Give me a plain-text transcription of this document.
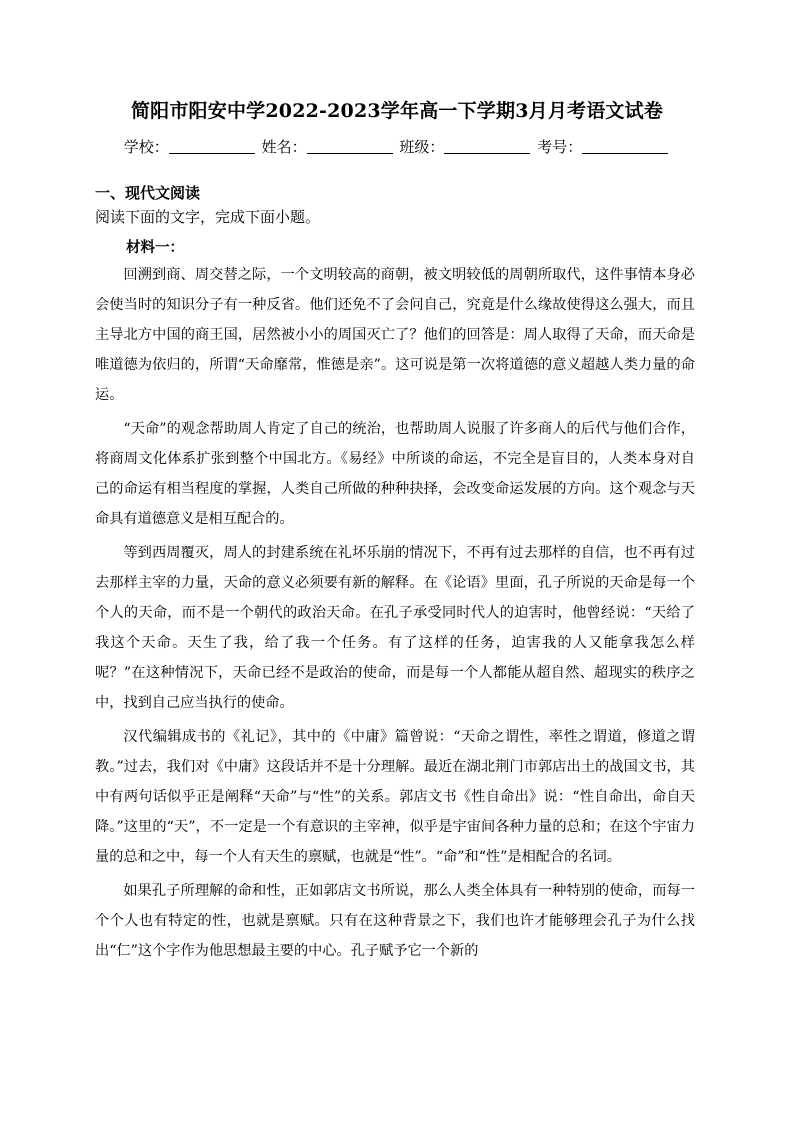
简阳市阳安中学2022-2023学年高一下学期3月月考语文试卷
学校：	姓名：	班级：	考号：
一、现代文阅读

阅读下面的文字，完成下面小题。

材料一：

回溯到商、周交替之际，一个文明较高的商朝，被文明较低的周朝所取代，这件事情本身必会使当时的知识分子有一种反省。他们还免不了会问自己，究竟是什么缘故使得这么强大，而且主导北方中国的商王国，居然被小小的周国灭亡了？他们的回答是：周人取得了天命，而天命是唯道德为依归的，所谓“天命靡常，惟德是亲”。这可说是第一次将道德的意义超越人类力量的命运。

“天命”的观念帮助周人肯定了自己的统治，也帮助周人说服了许多商人的后代与他们合作，将商周文化体系扩张到整个中国北方。《易经》中所谈的命运，不完全是盲目的，人类本身对自己的命运有相当程度的掌握，人类自己所做的种种抉择，会改变命运发展的方向。这个观念与天命具有道德意义是相互配合的。

等到西周覆灭，周人的封建系统在礼坏乐崩的情况下，不再有过去那样的自信，也不再有过去那样主宰的力量，天命的意义必须要有新的解释。在《论语》里面，孔子所说的天命是每一个个人的天命，而不是一个朝代的政治天命。在孔子承受同时代人的迫害时，他曾经说：“天给了我这个天命。天生了我，给了我一个任务。有了这样的任务，迫害我的人又能拿我怎么样呢？”在这种情况下，天命已经不是政治的使命，而是每一个人都能从超自然、超现实的秩序之中，找到自己应当执行的使命。

汉代编辑成书的《礼记》，其中的《中庸》篇曾说：“天命之谓性，率性之谓道，修道之谓教。”过去，我们对《中庸》这段话并不是十分理解。最近在湖北荆门市郭店出土的战国文书，其中有两句话似乎正是阐释“天命”与“性”的关系。郭店文书《性自命出》说：“性自命出，命自天降。”这里的“天”，不一定是一个有意识的主宰神，似乎是宇宙间各种力量的总和；在这个宇宙力量的总和之中，每一个人有天生的禀赋，也就是“性”。“命”和“性”是相配合的名词。

如果孔子所理解的命和性，正如郭店文书所说，那么人类全体具有一种特别的使命，而每一个个人也有特定的性，也就是禀赋。只有在这种背景之下，我们也许才能够理会孔子为什么找出“仁”这个字作为他思想最主要的中心。孔子赋予它一个新的
